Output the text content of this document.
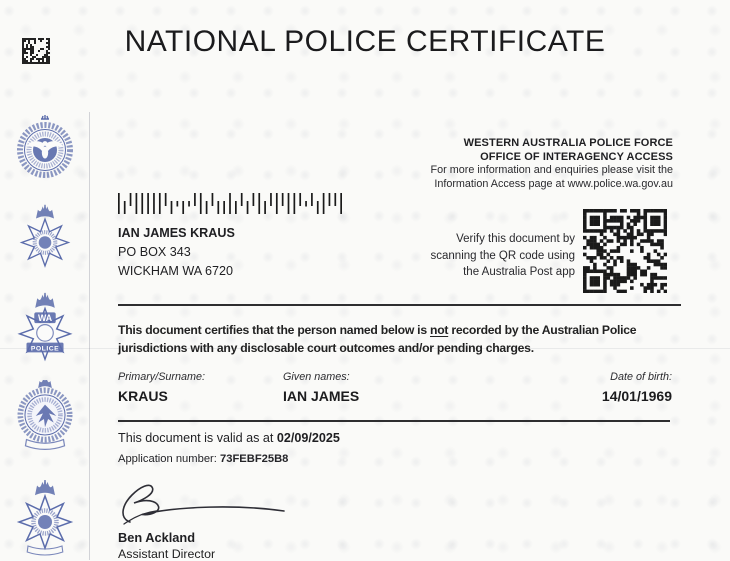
NATIONAL POLICE CERTIFICATE
WA
POLICE
WESTERN AUSTRALIA POLICE FORCE
OFFICE OF INTERAGENCY ACCESS
For more information and enquiries please visit the
Information Access page at www.police.wa.gov.au
IAN JAMES KRAUS
PO BOX 343
WICKHAM WA 6720
Verify this document by
scanning the QR code using
the Australia Post app
This document certifies that the person named below is not recorded by the Australian Police jurisdictions with any disclosable court outcomes and/or pending charges.
Primary/Surname:
KRAUS
Given names:
IAN JAMES
Date of birth:
14/01/1969
This document is valid as at 02/09/2025
Application number: 73FEBF25B8
Ben Ackland
Assistant Director
